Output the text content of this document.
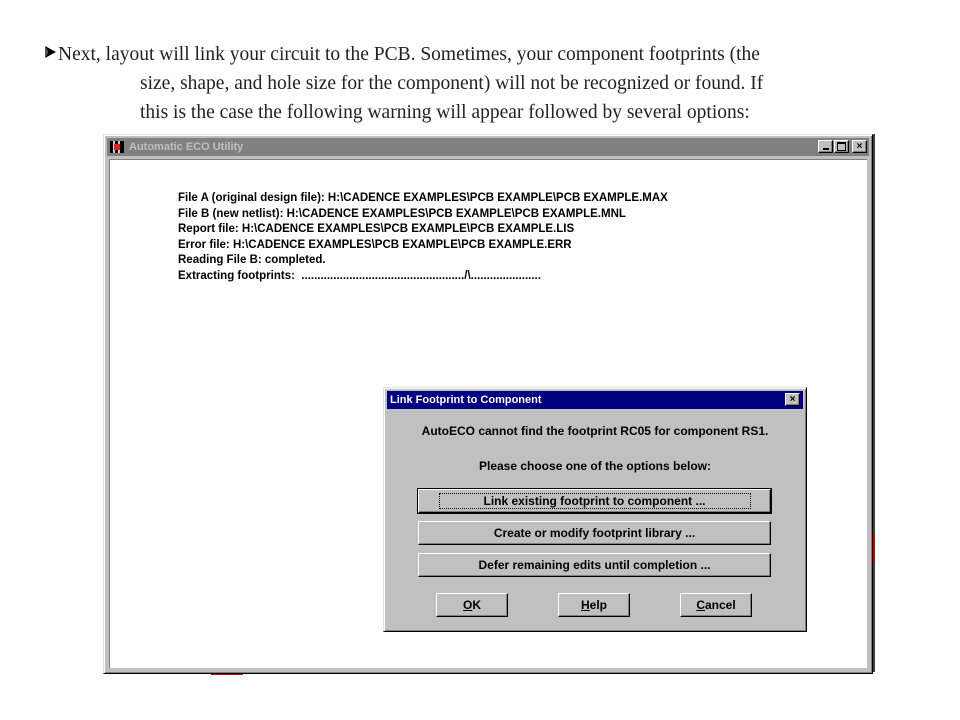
Next, layout will link your circuit to the PCB. Sometimes, your component footprints (the
size, shape, and hole size for the component) will not be recognized or found. If
this is the case the following warning will appear followed by several options:
Automatic ECO Utility	×
File A (original design file): H:\CADENCE EXAMPLES\PCB EXAMPLE\PCB EXAMPLE.MAX
File B (new netlist): H:\CADENCE EXAMPLES\PCB EXAMPLE\PCB EXAMPLE.MNL
Report file: H:\CADENCE EXAMPLES\PCB EXAMPLE\PCB EXAMPLE.LIS
Error file: H:\CADENCE EXAMPLES\PCB EXAMPLE\PCB EXAMPLE.ERR
Reading File B: completed.
Extracting footprints:  .................................................../\......................
Link Footprint to Component	×
AutoECO cannot find the footprint RC05 for component RS1.
Please choose one of the options below:
Link existing footprint to component ...
Create or modify footprint library ...
Defer remaining edits until completion ...
OK	Help	Cancel
